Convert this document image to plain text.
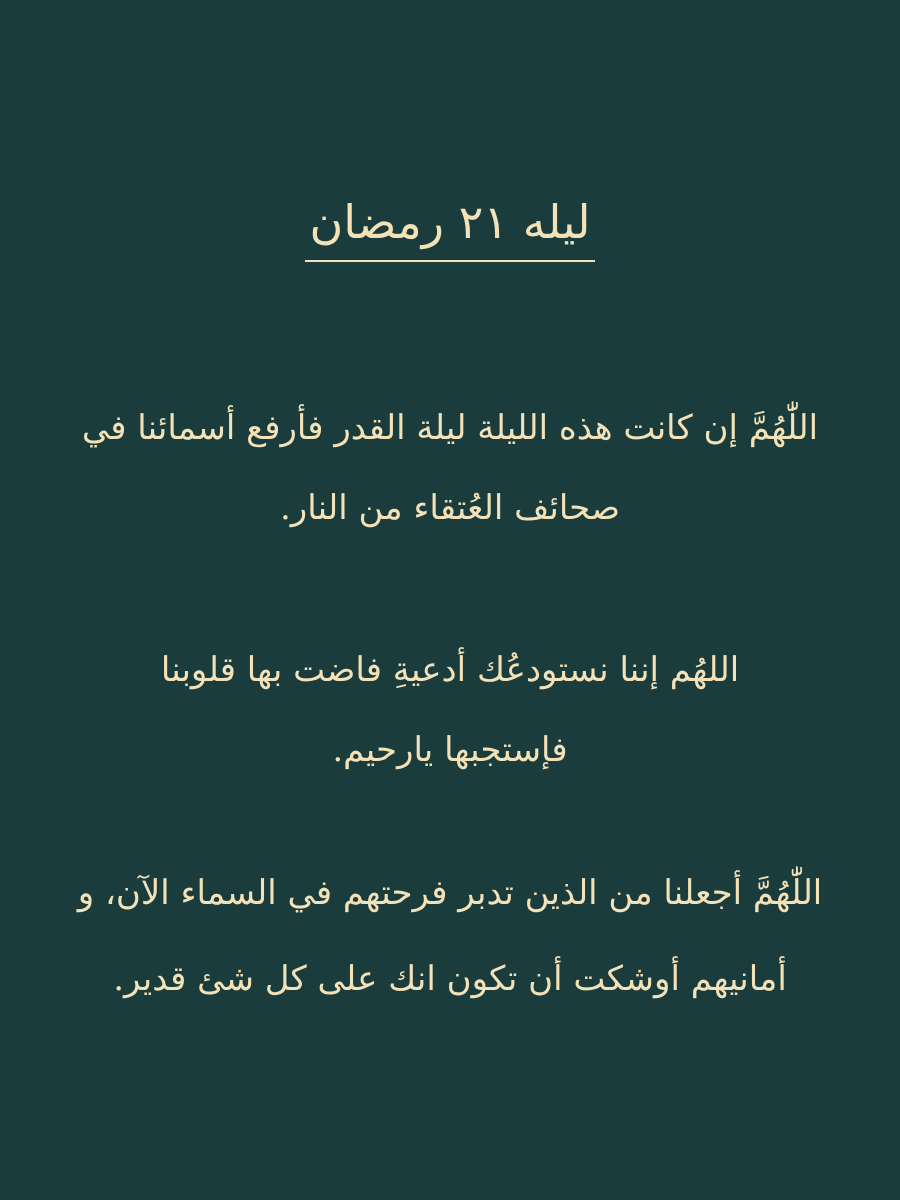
ليله ٢١ رمضان
اللّٰهُمَّ إن كانت هذه الليلة ليلة القدر فأرفع أسمائنا في
صحائف العُتقاء من النار.
اللهُم إننا نستودعُك أدعيةِ فاضت بها قلوبنا
فإستجبها يارحيم.
اللّٰهُمَّ أجعلنا من الذين تدبر فرحتهم في السماء الآن، و
أمانيهم أوشكت أن تكون انك على كل شئ قدير.
